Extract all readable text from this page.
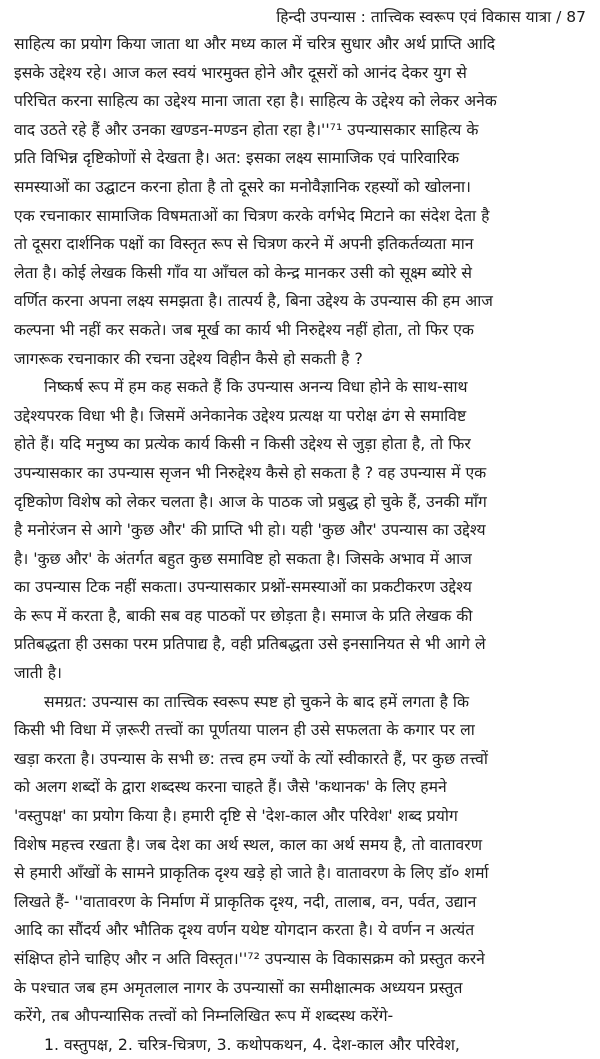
हिन्दी उपन्यास : तात्त्विक स्वरूप एवं विकास यात्रा / 87
साहित्य का प्रयोग किया जाता था और मध्य काल में चरित्र सुधार और अर्थ प्राप्ति आदि
इसके उद्देश्य रहे। आज कल स्वयं भारमुक्त होने और दूसरों को आनंद देकर युग से
परिचित करना साहित्य का उद्देश्य माना जाता रहा है। साहित्य के उद्देश्य को लेकर अनेक
वाद उठते रहे हैं और उनका खण्डन-मण्डन होता रहा है।''⁷¹ उपन्यासकार साहित्य के
प्रति विभिन्न दृष्टिकोणों से देखता है। अत: इसका लक्ष्य सामाजिक एवं पारिवारिक
समस्याओं का उद्घाटन करना होता है तो दूसरे का मनोवैज्ञानिक रहस्यों को खोलना।
एक रचनाकार सामाजिक विषमताओं का चित्रण करके वर्गभेद मिटाने का संदेश देता है
तो दूसरा दार्शनिक पक्षों का विस्तृत रूप से चित्रण करने में अपनी इतिकर्तव्यता मान
लेता है। कोई लेखक किसी गाँव या आँचल को केन्द्र मानकर उसी को सूक्ष्म ब्योरे से
वर्णित करना अपना लक्ष्य समझता है। तात्पर्य है, बिना उद्देश्य के उपन्यास की हम आज
कल्पना भी नहीं कर सकते। जब मूर्ख का कार्य भी निरुद्देश्य नहीं होता, तो फिर एक
जागरूक रचनाकार की रचना उद्देश्य विहीन कैसे हो सकती है ?
निष्कर्ष रूप में हम कह सकते हैं कि उपन्यास अनन्य विधा होने के साथ-साथ
उद्देश्यपरक विधा भी है। जिसमें अनेकानेक उद्देश्य प्रत्यक्ष या परोक्ष ढंग से समाविष्ट
होते हैं। यदि मनुष्य का प्रत्येक कार्य किसी न किसी उद्देश्य से जुड़ा होता है, तो फिर
उपन्यासकार का उपन्यास सृजन भी निरुद्देश्य कैसे हो सकता है ? वह उपन्यास में एक
दृष्टिकोण विशेष को लेकर चलता है। आज के पाठक जो प्रबुद्ध हो चुके हैं, उनकी माँग
है मनोरंजन से आगे 'कुछ और' की प्राप्ति भी हो। यही 'कुछ और' उपन्यास का उद्देश्य
है। 'कुछ और' के अंतर्गत बहुत कुछ समाविष्ट हो सकता है। जिसके अभाव में आज
का उपन्यास टिक नहीं सकता। उपन्यासकार प्रश्नों-समस्याओं का प्रकटीकरण उद्देश्य
के रूप में करता है, बाकी सब वह पाठकों पर छोड़ता है। समाज के प्रति लेखक की
प्रतिबद्धता ही उसका परम प्रतिपाद्य है, वही प्रतिबद्धता उसे इनसानियत से भी आगे ले
जाती है।
समग्रत: उपन्यास का तात्त्विक स्वरूप स्पष्ट हो चुकने के बाद हमें लगता है कि
किसी भी विधा में ज़रूरी तत्त्वों का पूर्णतया पालन ही उसे सफलता के कगार पर ला
खड़ा करता है। उपन्यास के सभी छ: तत्त्व हम ज्यों के त्यों स्वीकारते हैं, पर कुछ तत्त्वों
को अलग शब्दों के द्वारा शब्दस्थ करना चाहते हैं। जैसे 'कथानक' के लिए हमने
'वस्तुपक्ष' का प्रयोग किया है। हमारी दृष्टि से 'देश-काल और परिवेश' शब्द प्रयोग
विशेष महत्त्व रखता है। जब देश का अर्थ स्थल, काल का अर्थ समय है, तो वातावरण
से हमारी आँखों के सामने प्राकृतिक दृश्य खड़े हो जाते है। वातावरण के लिए डॉ० शर्मा
लिखते हैं- ''वातावरण के निर्माण में प्राकृतिक दृश्य, नदी, तालाब, वन, पर्वत, उद्यान
आदि का सौंदर्य और भौतिक दृश्य वर्णन यथेष्ट योगदान करता है। ये वर्णन न अत्यंत
संक्षिप्त होने चाहिए और न अति विस्तृत।''⁷² उपन्यास के विकासक्रम को प्रस्तुत करने
के पश्चात जब हम अमृतलाल नागर के उपन्यासों का समीक्षात्मक अध्ययन प्रस्तुत
करेंगे, तब औपन्यासिक तत्त्वों को निम्नलिखित रूप में शब्दस्थ करेंगे-
1. वस्तुपक्ष, 2. चरित्र-चित्रण, 3. कथोपकथन, 4. देश-काल और परिवेश,
